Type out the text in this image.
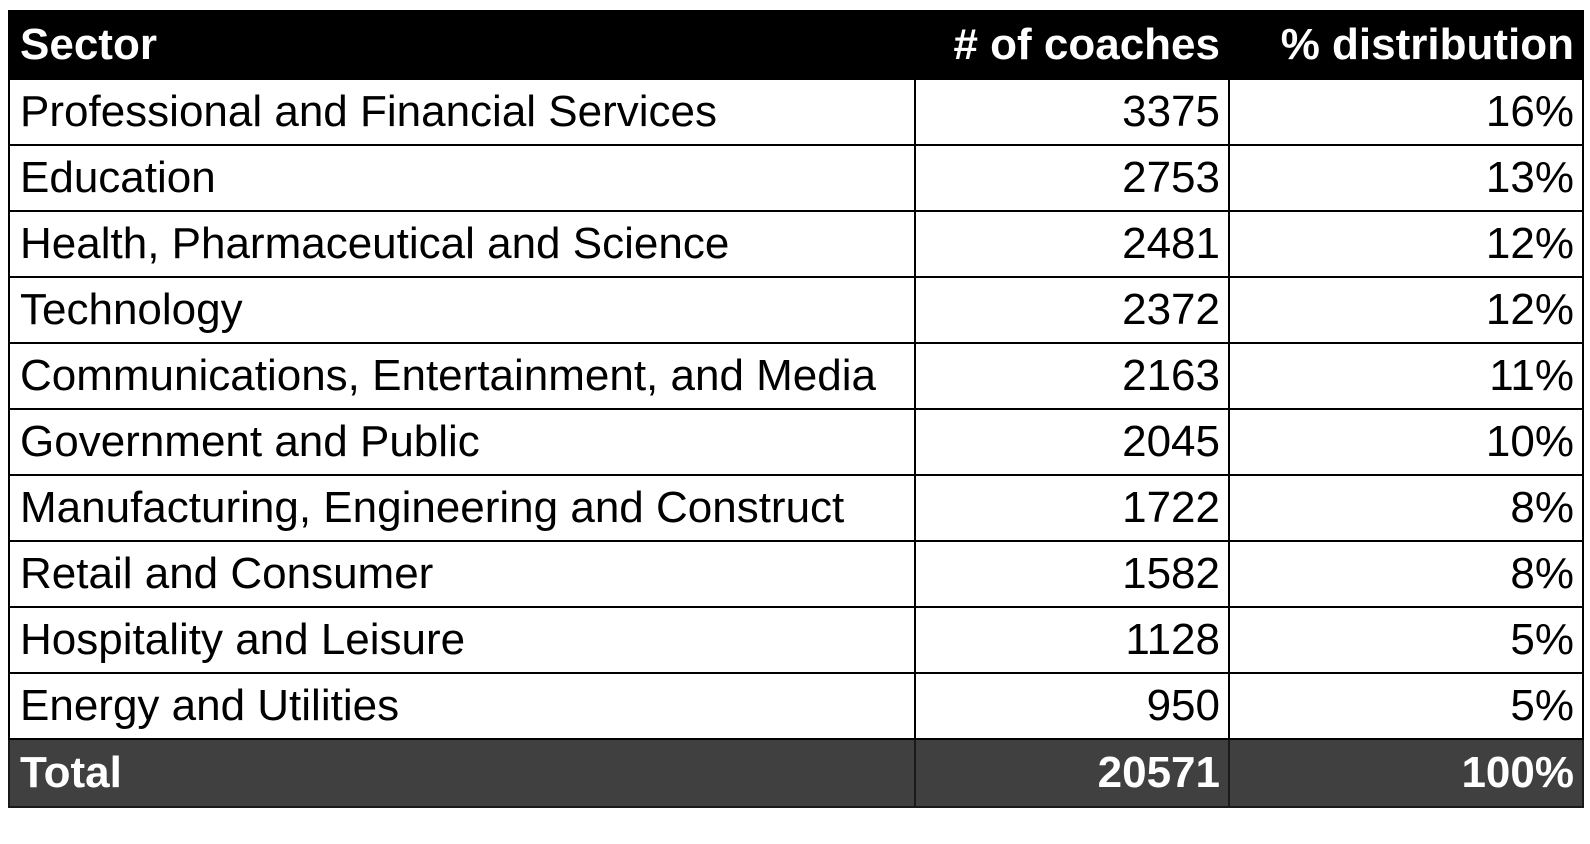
Sector	# of coaches	% distribution
Professional and Financial Services	3375	16%
Education	2753	13%
Health, Pharmaceutical and Science	2481	12%
Technology	2372	12%
Communications, Entertainment, and Media	2163	11%
Government and Public	2045	10%
Manufacturing, Engineering and Construct	1722	8%
Retail and Consumer	1582	8%
Hospitality and Leisure	1128	5%
Energy and Utilities	950	5%
Total	20571	100%
